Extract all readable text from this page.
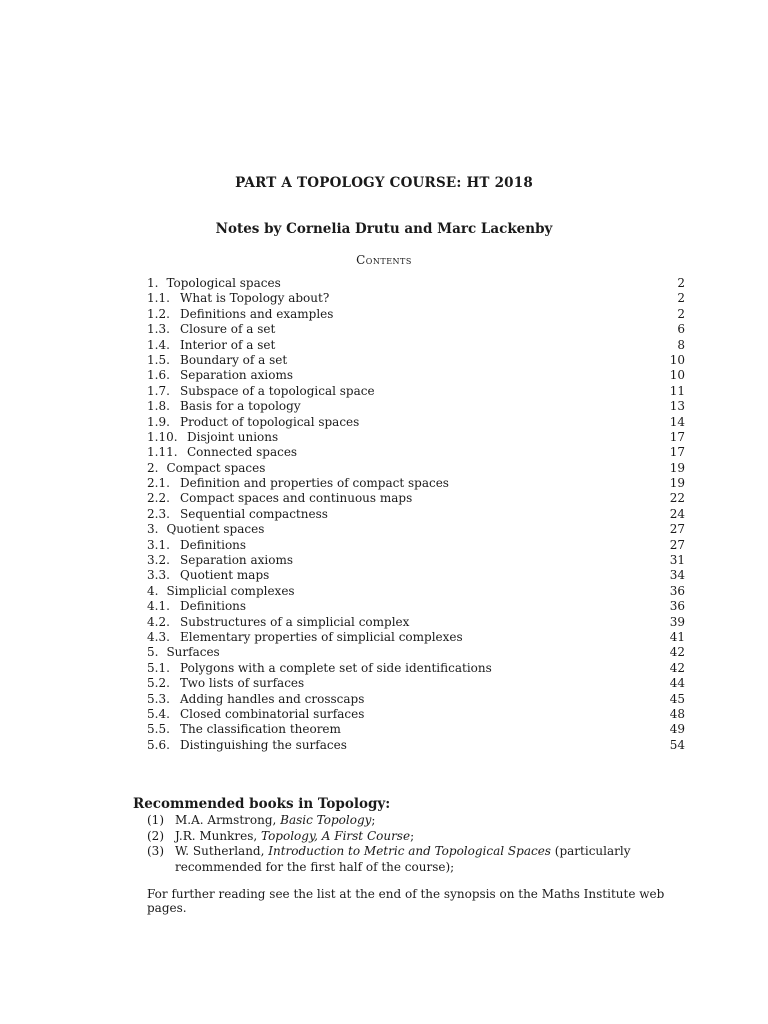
PART A TOPOLOGY COURSE: HT 2018
Notes by Cornelia Drutu and Marc Lackenby
Contents
1. Topological spaces	2
1.1. What is Topology about?	2
1.2. Definitions and examples	2
1.3. Closure of a set	6
1.4. Interior of a set	8
1.5. Boundary of a set	10
1.6. Separation axioms	10
1.7. Subspace of a topological space	11
1.8. Basis for a topology	13
1.9. Product of topological spaces	14
1.10. Disjoint unions	17
1.11. Connected spaces	17
2. Compact spaces	19
2.1. Definition and properties of compact spaces	19
2.2. Compact spaces and continuous maps	22
2.3. Sequential compactness	24
3. Quotient spaces	27
3.1. Definitions	27
3.2. Separation axioms	31
3.3. Quotient maps	34
4. Simplicial complexes	36
4.1. Definitions	36
4.2. Substructures of a simplicial complex	39
4.3. Elementary properties of simplicial complexes	41
5. Surfaces	42
5.1. Polygons with a complete set of side identifications	42
5.2. Two lists of surfaces	44
5.3. Adding handles and crosscaps	45
5.4. Closed combinatorial surfaces	48
5.5. The classification theorem	49
5.6. Distinguishing the surfaces	54
Recommended books in Topology:
(1) M.A. Armstrong, Basic Topology;
(2) J.R. Munkres, Topology, A First Course;
(3) W. Sutherland, Introduction to Metric and Topological Spaces (particularly recommended for the first half of the course);
For further reading see the list at the end of the synopsis on the Maths Institute web pages.
